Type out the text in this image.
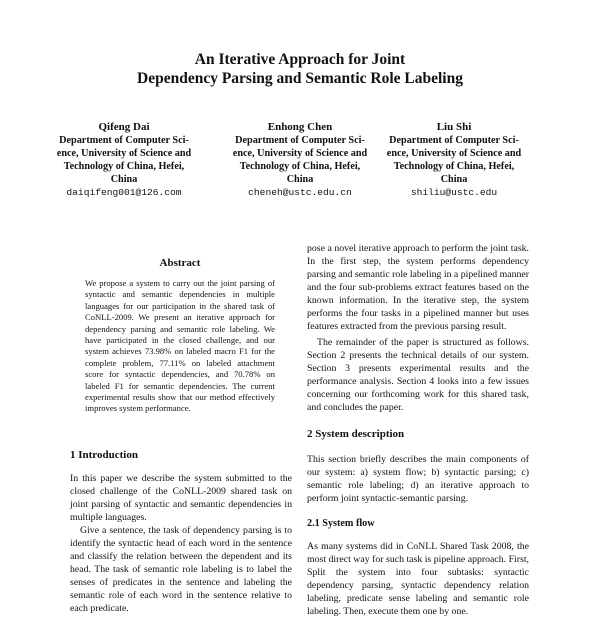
An Iterative Approach for Joint
Dependency Parsing and Semantic Role Labeling
Qifeng Dai
Department of Computer Sci-
ence, University of Science and
Technology of China, Hefei,
China
daiqifeng001@126.com
Enhong Chen
Department of Computer Sci-
ence, University of Science and
Technology of China, Hefei,
China
cheneh@ustc.edu.cn
Liu Shi
Department of Computer Sci-
ence, University of Science and
Technology of China, Hefei,
China
shiliu@ustc.edu
Abstract
We propose a system to carry out the joint parsing of syntactic and semantic dependencies in multiple languages for our participation in the shared task of CoNLL-2009. We present an iterative approach for dependency parsing and semantic role labeling. We have participated in the closed challenge, and our system achieves 73.98% on labeled macro F1 for the complete problem, 77.11% on labeled attachment score for syntactic dependencies, and 70.78% on labeled F1 for semantic dependencies. The current experimental results show that our method effectively improves system performance.
1 Introduction

In this paper we describe the system submitted to the closed challenge of the CoNLL-2009 shared task on joint parsing of syntactic and semantic dependencies in multiple languages.

Give a sentence, the task of dependency parsing is to identify the syntactic head of each word in the sentence and classify the relation between the dependent and its head. The task of semantic role labeling is to label the senses of predicates in the sentence and labeling the semantic role of each word in the sentence relative to each predicate.

pose a novel iterative approach to perform the joint task. In the first step, the system performs dependency parsing and semantic role labeling in a pipelined manner and the four sub-problems extract features based on the known information. In the iterative step, the system performs the four tasks in a pipelined manner but uses features extracted from the previous parsing result.

The remainder of the paper is structured as follows. Section 2 presents the technical details of our system. Section 3 presents experimental results and the performance analysis. Section 4 looks into a few issues concerning our forthcoming work for this shared task, and concludes the paper.

2 System description

This section briefly describes the main components of our system: a) system flow; b) syntactic parsing; c) semantic role labeling; d) an iterative approach to perform joint syntactic-semantic parsing.

2.1 System flow

As many systems did in CoNLL Shared Task 2008, the most direct way for such task is pipeline approach. First, Split the system into four subtasks: syntactic dependency parsing, syntactic dependency relation labeling, predicate sense labeling and semantic role labeling. Then, execute them one by one.
